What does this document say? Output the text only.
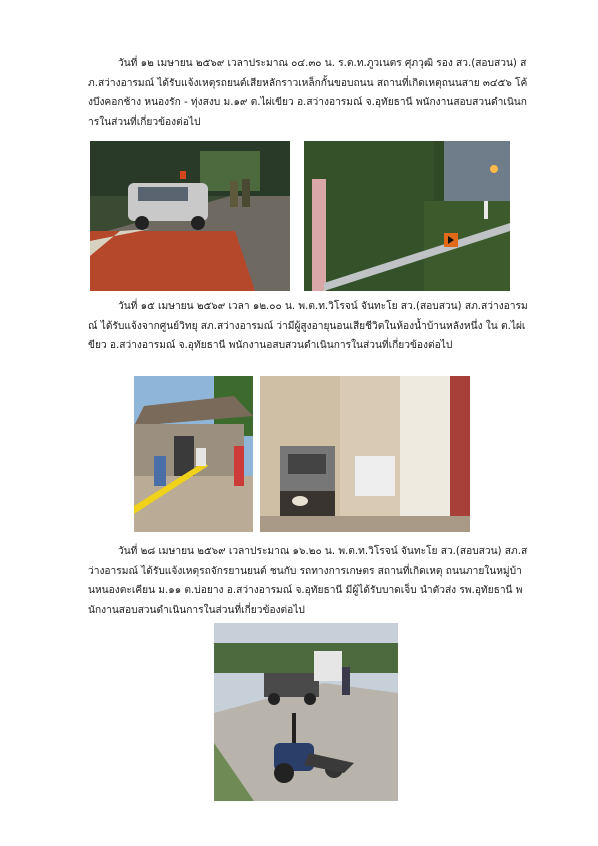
วันที่ ๑๒ เมษายน ๒๕๖๙ เวลาประมาณ ๐๔.๓๐ น. ร.ต.ท.ภูวเนตร ศุภวุฒิ รอง สว.(สอบสวน) สภ.สว่างอารมณ์ ได้รับแจ้งเหตุรถยนต์เสียหลักราวเหล็กกั้นขอบถนน สถานที่เกิดเหตุถนนสาย ๓๔๕๖ โค้งบึงคอกช้าง หนองรัก - ทุ่งสงบ ม.๑๙ ต.ไผ่เขียว อ.สว่างอารมณ์ จ.อุทัยธานี พนักงานสอบสวนดำเนินการในส่วนที่เกี่ยวข้องต่อไป

วันที่ ๑๕ เมษายน ๒๕๖๙ เวลา ๑๒.๐๐ น. พ.ต.ท.วิโรจน์ จันทะโย สว.(สอบสวน) สภ.สว่างอารมณ์ ได้รับแจ้งจากศูนย์วิทยุ สภ.สว่างอารมณ์ ว่ามีผู้สูงอายุนอนเสียชีวิตในห้องน้ำบ้านหลังหนึ่ง ใน ต.ไผ่เขียว อ.สว่างอารมณ์ จ.อุทัยธานี พนักงานอสบสวนดำเนินการในส่วนที่เกี่ยวข้องต่อไป

วันที่ ๒๘ เมษายน ๒๕๖๙ เวลาประมาณ ๑๖.๒๐ น. พ.ต.ท.วิโรจน์ จันทะโย สว.(สอบสวน) สภ.สว่างอารมณ์ ได้รับแจ้งเหตุรถจักรยานยนต์ ชนกับ รถทางการเกษตร สถานที่เกิดเหตุ ถนนภายในหมู่บ้านหนองตะเคียน ม.๑๑ ต.บ่อยาง อ.สว่างอารมณ์ จ.อุทัยธานี มีผู้ได้รับบาดเจ็บ นำตัวส่ง รพ.อุทัยธานี พนักงานสอบสวนดำเนินการในส่วนที่เกี่ยวข้องต่อไป
